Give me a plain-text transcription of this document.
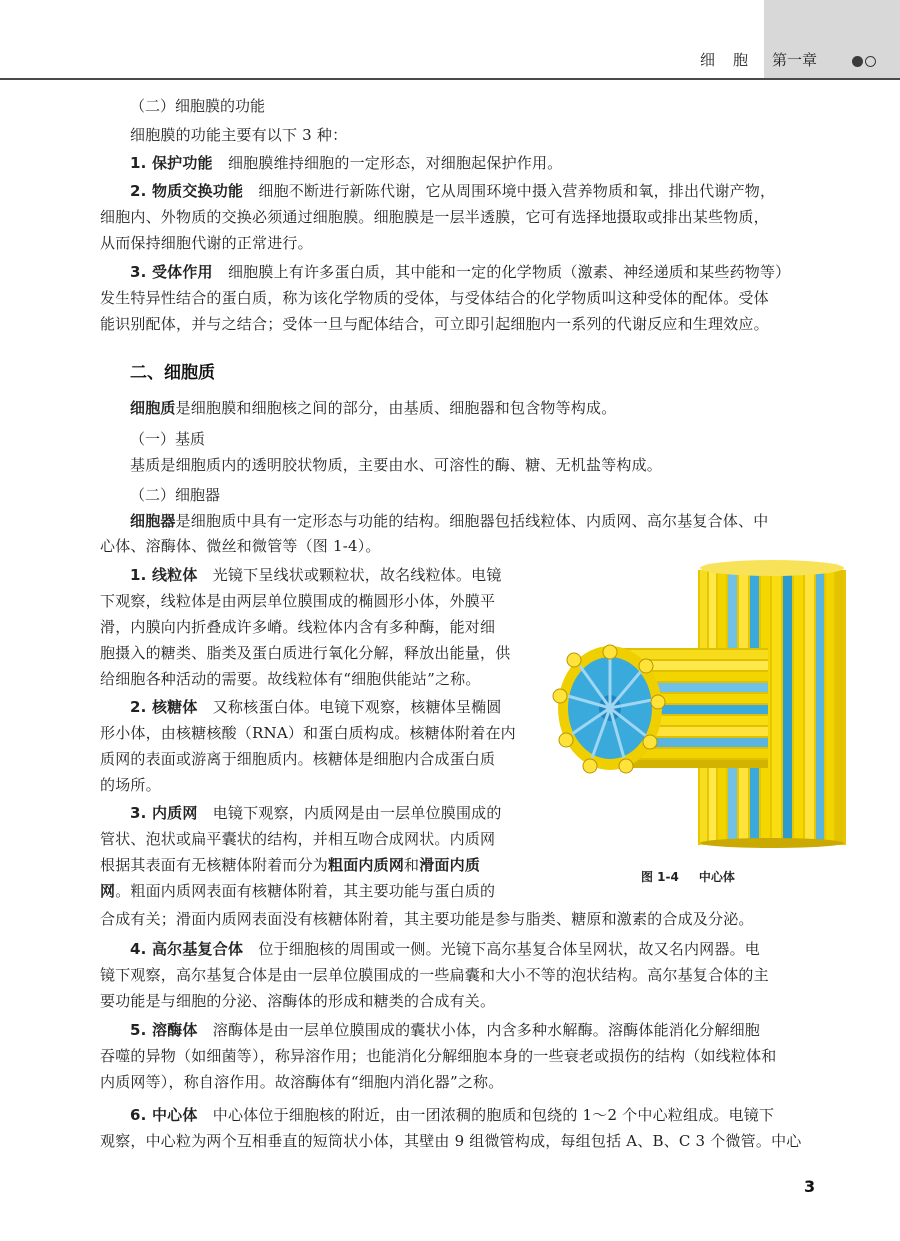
细胞 第一章
（二）细胞膜的功能
细胞膜的功能主要有以下 3 种：
1. 保护功能  细胞膜维持细胞的一定形态，对细胞起保护作用。
2. 物质交换功能  细胞不断进行新陈代谢，它从周围环境中摄入营养物质和氧，排出代谢产物，
细胞内、外物质的交换必须通过细胞膜。细胞膜是一层半透膜，它可有选择地摄取或排出某些物质，
从而保持细胞代谢的正常进行。
3. 受体作用  细胞膜上有许多蛋白质，其中能和一定的化学物质（激素、神经递质和某些药物等）
发生特异性结合的蛋白质，称为该化学物质的受体，与受体结合的化学物质叫这种受体的配体。受体
能识别配体，并与之结合；受体一旦与配体结合，可立即引起细胞内一系列的代谢反应和生理效应。
二、细胞质
细胞质是细胞膜和细胞核之间的部分，由基质、细胞器和包含物等构成。
（一）基质
基质是细胞质内的透明胶状物质，主要由水、可溶性的酶、糖、无机盐等构成。
（二）细胞器
细胞器是细胞质中具有一定形态与功能的结构。细胞器包括线粒体、内质网、高尔基复合体、中
心体、溶酶体、微丝和微管等（图 1-4）。
1. 线粒体  光镜下呈线状或颗粒状，故名线粒体。电镜
下观察，线粒体是由两层单位膜围成的椭圆形小体，外膜平
滑，内膜向内折叠成许多嵴。线粒体内含有多种酶，能对细
胞摄入的糖类、脂类及蛋白质进行氧化分解，释放出能量，供
给细胞各种活动的需要。故线粒体有“细胞供能站”之称。
2. 核糖体  又称核蛋白体。电镜下观察，核糖体呈椭圆
形小体，由核糖核酸（RNA）和蛋白质构成。核糖体附着在内
质网的表面或游离于细胞质内。核糖体是细胞内合成蛋白质
的场所。
3. 内质网  电镜下观察，内质网是由一层单位膜围成的
管状、泡状或扁平囊状的结构，并相互吻合成网状。内质网
根据其表面有无核糖体附着而分为粗面内质网和滑面内质
网。粗面内质网表面有核糖体附着，其主要功能与蛋白质的
合成有关；滑面内质网表面没有核糖体附着，其主要功能是参与脂类、糖原和激素的合成及分泌。
4. 高尔基复合体  位于细胞核的周围或一侧。光镜下高尔基复合体呈网状，故又名内网器。电
镜下观察，高尔基复合体是由一层单位膜围成的一些扁囊和大小不等的泡状结构。高尔基复合体的主
要功能是与细胞的分泌、溶酶体的形成和糖类的合成有关。
5. 溶酶体  溶酶体是由一层单位膜围成的囊状小体，内含多种水解酶。溶酶体能消化分解细胞
吞噬的异物（如细菌等），称异溶作用；也能消化分解细胞本身的一些衰老或损伤的结构（如线粒体和
内质网等），称自溶作用。故溶酶体有“细胞内消化器”之称。
6. 中心体  中心体位于细胞核的附近，由一团浓稠的胞质和包绕的 1～2 个中心粒组成。电镜下
观察，中心粒为两个互相垂直的短筒状小体，其壁由 9 组微管构成，每组包括 A、B、C 3 个微管。中心
图 1-4 中心体
3
